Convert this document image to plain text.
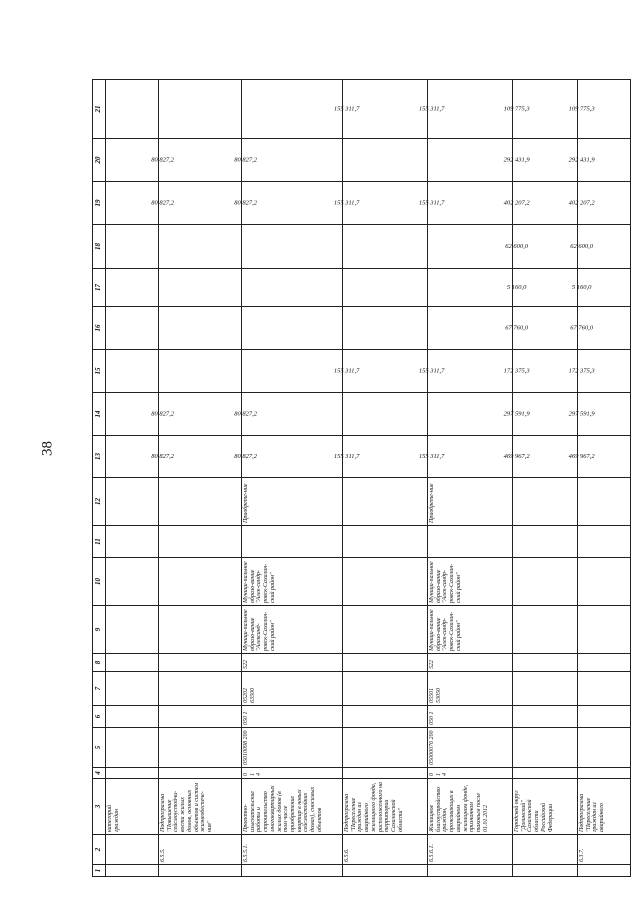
38
1	2	3	4	5	6	7	8	9	10	11	12	13	14	15	16	17	18	19	20	21
		категорий граждан																		
	6.5.5.	Подпрограмма "Повышение сейсмоустойчи-вости жилых домов, основных объектов и систем жизнеобеспече-ния"										80 827,2	80 827,2					80 827,2	80 827,2	

	6.5.5.1.	Проектно-изыскательские работы и строительство многоквартирных жилых домов (в том числе приобретение квартир в новых сейсмостойких домах), сносимых объектов	0 1 4	05010098 200	050 1	05202 63500	522	Муници-пальное образо-вание "Александ-ровск-Сахалин-ский район"	Муници-пальное образо-вание "Алек-сандр-ровск-Сахалин-ский район"		Приобрете-ние	80 827,2	80 827,2					80 827,2	80 827,2	

	6.5.6.	Подпрограмма "Переселение граждан из аварийного жилищного фонда, расположенного на территории Сахалинской области"										155 311,7		155 311,7				155 311,7		155 311,7

	6.5.6.1.	Жилищное благоустройство граждан, проживающих в аварийном жилищном фонде, признанном таковым после 01.01.2012	0 1 4	05000076 200	050 1	05501 53050	522	Муници-пальное образо-вание "Алек-сандр-ровск-Сахалин-ский район"	Муници-пальное образо-вание "Алек-сандр-ровск-Сахалин-ский район"		Приобрете-ние	155 311,7		155 311,7				155 311,7		155 311,7

		Городской округ "Долинский" Сахалинской области Российской Федерации										469 967,2	297 591,9	172 375,3	67 760,0	5 160,0	62 600,0	402 207,2	292 431,9	109 775,3

	6.3.7.	Подпрограмма "Переселение граждан из аварийного										469 967,2	297 591,9	172 375,3	67 760,0	5 160,0	62 600,0	402 207,2	292 431,9	109 775,3
